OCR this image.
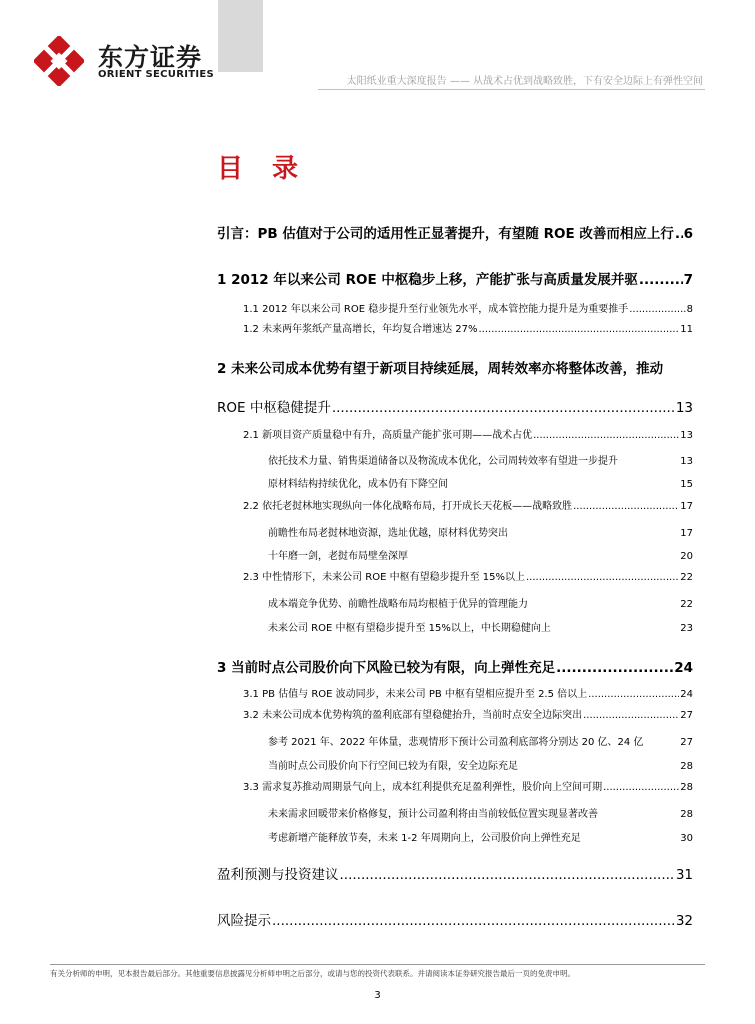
东方证券
ORIENT SECURITIES
太阳纸业重大深度报告 —— 从战术占优到战略致胜，下有安全边际上有弹性空间
目 录
引言：PB 估值对于公司的适用性正显著提升，有望随 ROE 改善而相应上行 ..... 6
1 2012 年以来公司 ROE 中枢稳步上移，产能扩张与高质量发展并驱 .....	7
1.1 2012 年以来公司 ROE 稳步提升至行业领先水平，成本管控能力提升是为重要推手 .....	8
1.2 未来两年浆纸产量高增长，年均复合增速达 27% .....	11
2 未来公司成本优势有望于新项目持续延展，周转效率亦将整体改善，推动
ROE 中枢稳健提升 .....	13
2.1 新项目资产质量稳中有升，高质量产能扩张可期——战术占优 .....	13
依托技术力量、销售渠道储备以及物流成本优化，公司周转效率有望进一步提升	13
原材料结构持续优化，成本仍有下降空间	15
2.2 依托老挝林地实现纵向一体化战略布局，打开成长天花板——战略致胜 .....	17
前瞻性布局老挝林地资源，选址优越，原材料优势突出	17
十年磨一剑，老挝布局壁垒深厚	20
2.3 中性情形下，未来公司 ROE 中枢有望稳步提升至 15%以上 .....	22
成本端竞争优势、前瞻性战略布局均根植于优异的管理能力	22
未来公司 ROE 中枢有望稳步提升至 15%以上，中长期稳健向上	23
3 当前时点公司股价向下风险已较为有限，向上弹性充足 .....	24
3.1 PB 估值与 ROE 波动同步，未来公司 PB 中枢有望相应提升至 2.5 倍以上 .....	24
3.2 未来公司成本优势构筑的盈利底部有望稳健抬升，当前时点安全边际突出 .....	27
参考 2021 年、2022 年体量，悲观情形下预计公司盈利底部将分别达 20 亿、24 亿	27
当前时点公司股价向下行空间已较为有限，安全边际充足	28
3.3 需求复苏推动周期景气向上，成本红利提供充足盈利弹性，股价向上空间可期 .....	28
未来需求回暖带来价格修复，预计公司盈利将由当前较低位置实现显著改善	28
考虑新增产能释放节奏，未来 1-2 年周期向上，公司股价向上弹性充足	30
盈利预测与投资建议 .....	31
风险提示 .....	32
有关分析师的申明，见本报告最后部分。其他重要信息披露见分析师申明之后部分，或请与您的投资代表联系。并请阅读本证券研究报告最后一页的免责申明。
3
